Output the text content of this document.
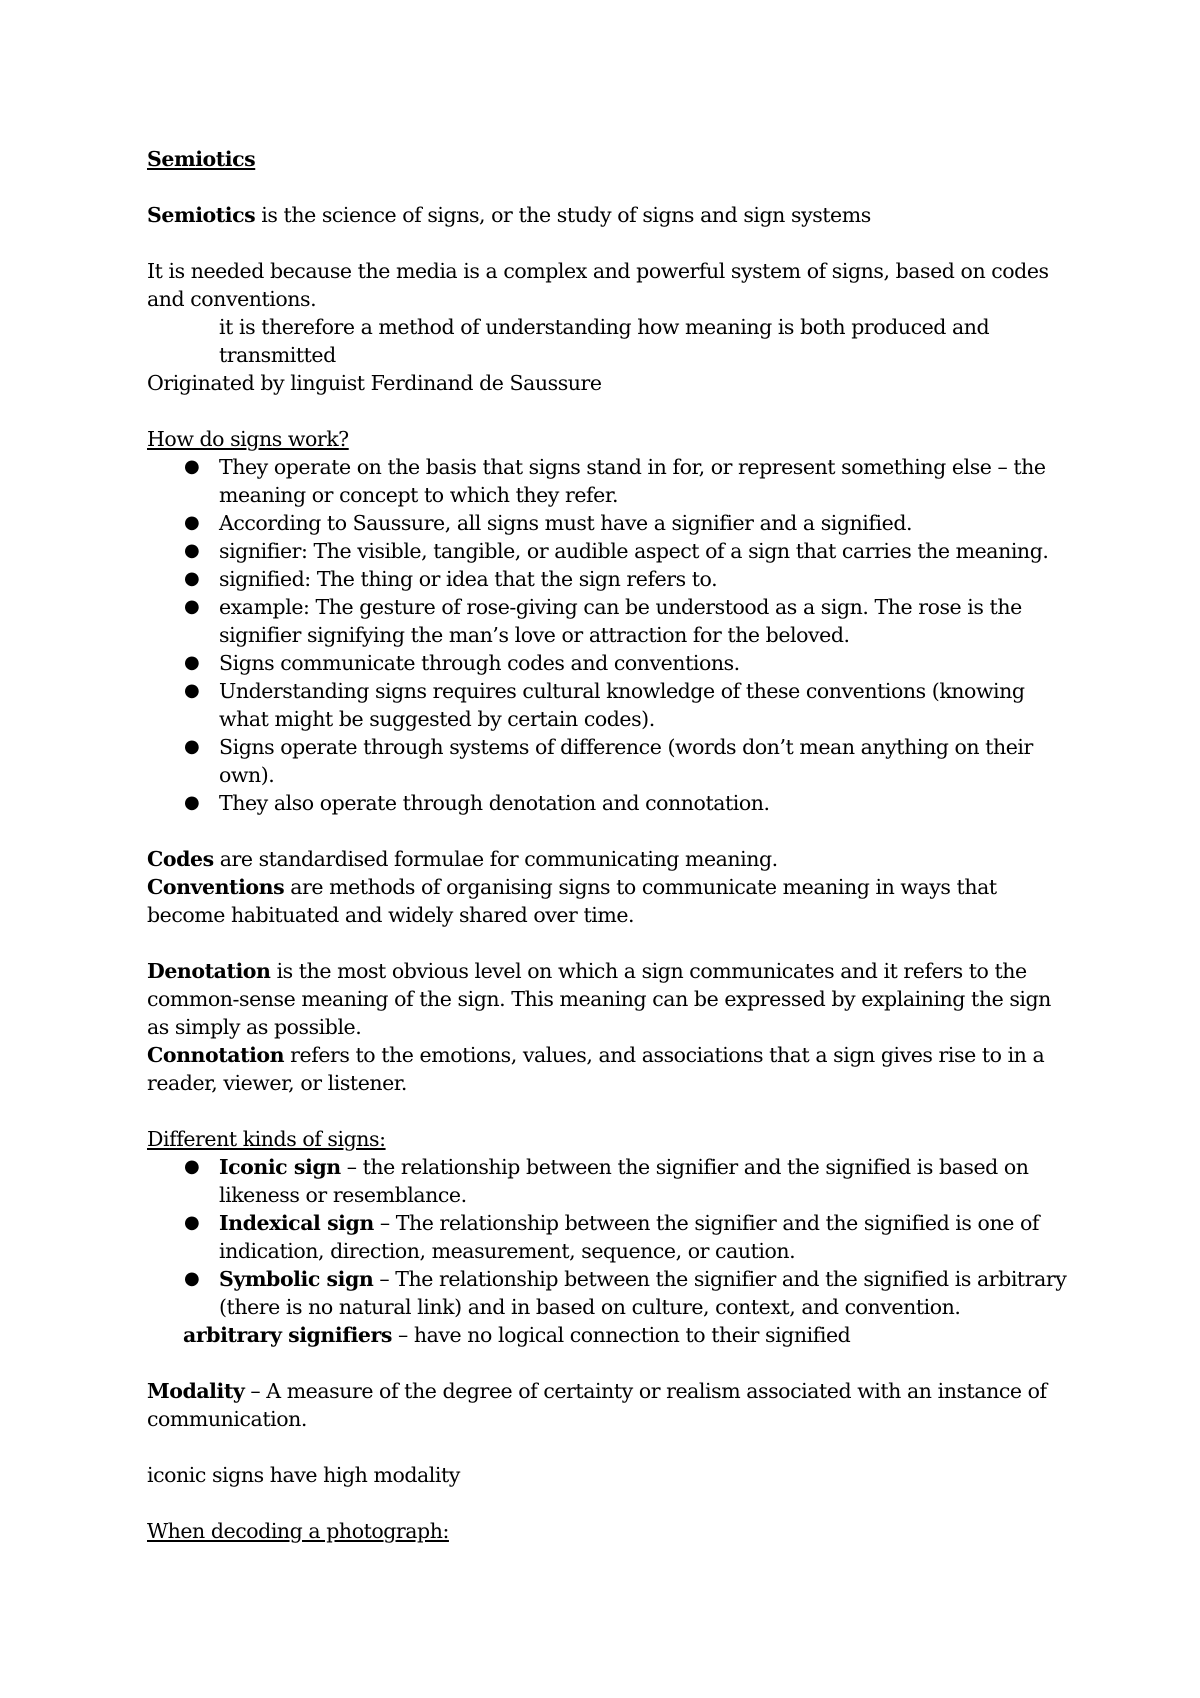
Semiotics

Semiotics is the science of signs, or the study of signs and sign systems

It is needed because the media is a complex and powerful system of signs, based on codes and conventions.

it is therefore a method of understanding how meaning is both produced and transmitted

Originated by linguist Ferdinand de Saussure

How do signs work?

● They operate on the basis that signs stand in for, or represent something else – the meaning or concept to which they refer.
● According to Saussure, all signs must have a signifier and a signified.
● signifier: The visible, tangible, or audible aspect of a sign that carries the meaning.
● signified: The thing or idea that the sign refers to.
● example: The gesture of rose-giving can be understood as a sign. The rose is the signifier signifying the man’s love or attraction for the beloved.
● Signs communicate through codes and conventions.
● Understanding signs requires cultural knowledge of these conventions (knowing what might be suggested by certain codes).
● Signs operate through systems of difference (words don’t mean anything on their own).
● They also operate through denotation and connotation.

Codes are standardised formulae for communicating meaning.

Conventions are methods of organising signs to communicate meaning in ways that become habituated and widely shared over time.

Denotation is the most obvious level on which a sign communicates and it refers to the common-sense meaning of the sign. This meaning can be expressed by explaining the sign as simply as possible.

Connotation refers to the emotions, values, and associations that a sign gives rise to in a reader, viewer, or listener.

Different kinds of signs:

● Iconic sign – the relationship between the signifier and the signified is based on likeness or resemblance.
● Indexical sign – The relationship between the signifier and the signified is one of indication, direction, measurement, sequence, or caution.
● Symbolic sign – The relationship between the signifier and the signified is arbitrary (there is no natural link) and in based on culture, context, and convention.

arbitrary signifiers – have no logical connection to their signified

Modality – A measure of the degree of certainty or realism associated with an instance of communication.

iconic signs have high modality

When decoding a photograph:
